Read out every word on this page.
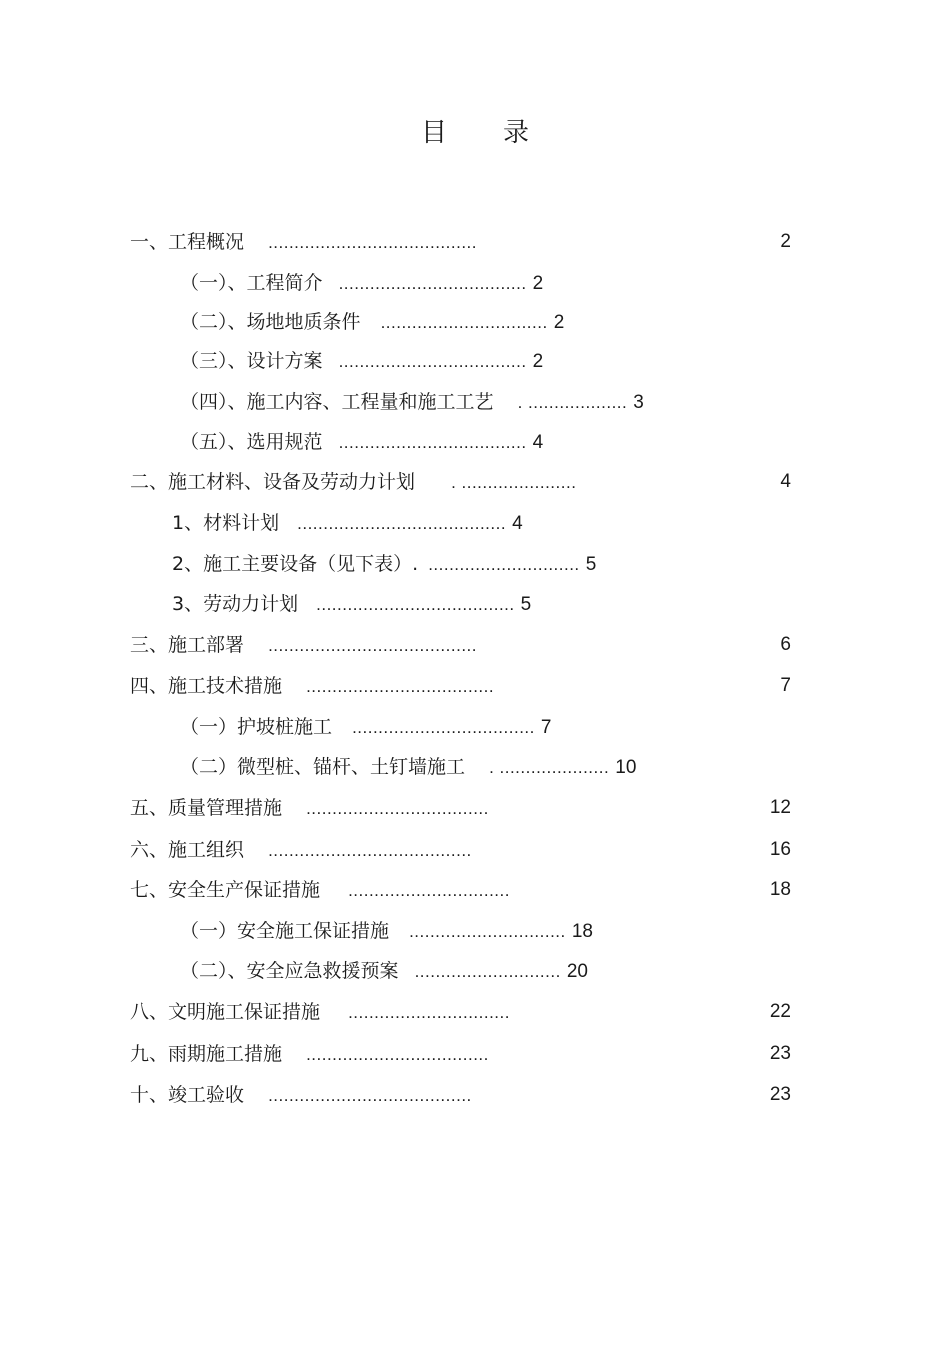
目 录
一、工程概况 ........................................	2
（一）、工程简介 .................................... 2
（二）、场地地质条件 ................................ 2
（三）、设计方案 .................................... 2
（四）、施工内容、工程量和施工工艺 . ................... 3
（五）、选用规范 .................................... 4
二、施工材料、设备及劳动力计划 . ......................	4
1、材料计划 ........................................ 4
2、施工主要设备（见下表）. ............................. 5
3、劳动力计划 ...................................... 5
三、施工部署 ........................................	6
四、施工技术措施 ....................................	7
（一）护坡桩施工 ................................... 7
（二）微型桩、锚杆、土钉墙施工 . ..................... 10
五、质量管理措施 ...................................	12
六、施工组织 .......................................	16
七、安全生产保证措施 ...............................	18
（一）安全施工保证措施 .............................. 18
（二）、安全应急救援预案 ............................ 20
八、文明施工保证措施 ...............................	22
九、雨期施工措施 ...................................	23
十、竣工验收 .......................................	23
